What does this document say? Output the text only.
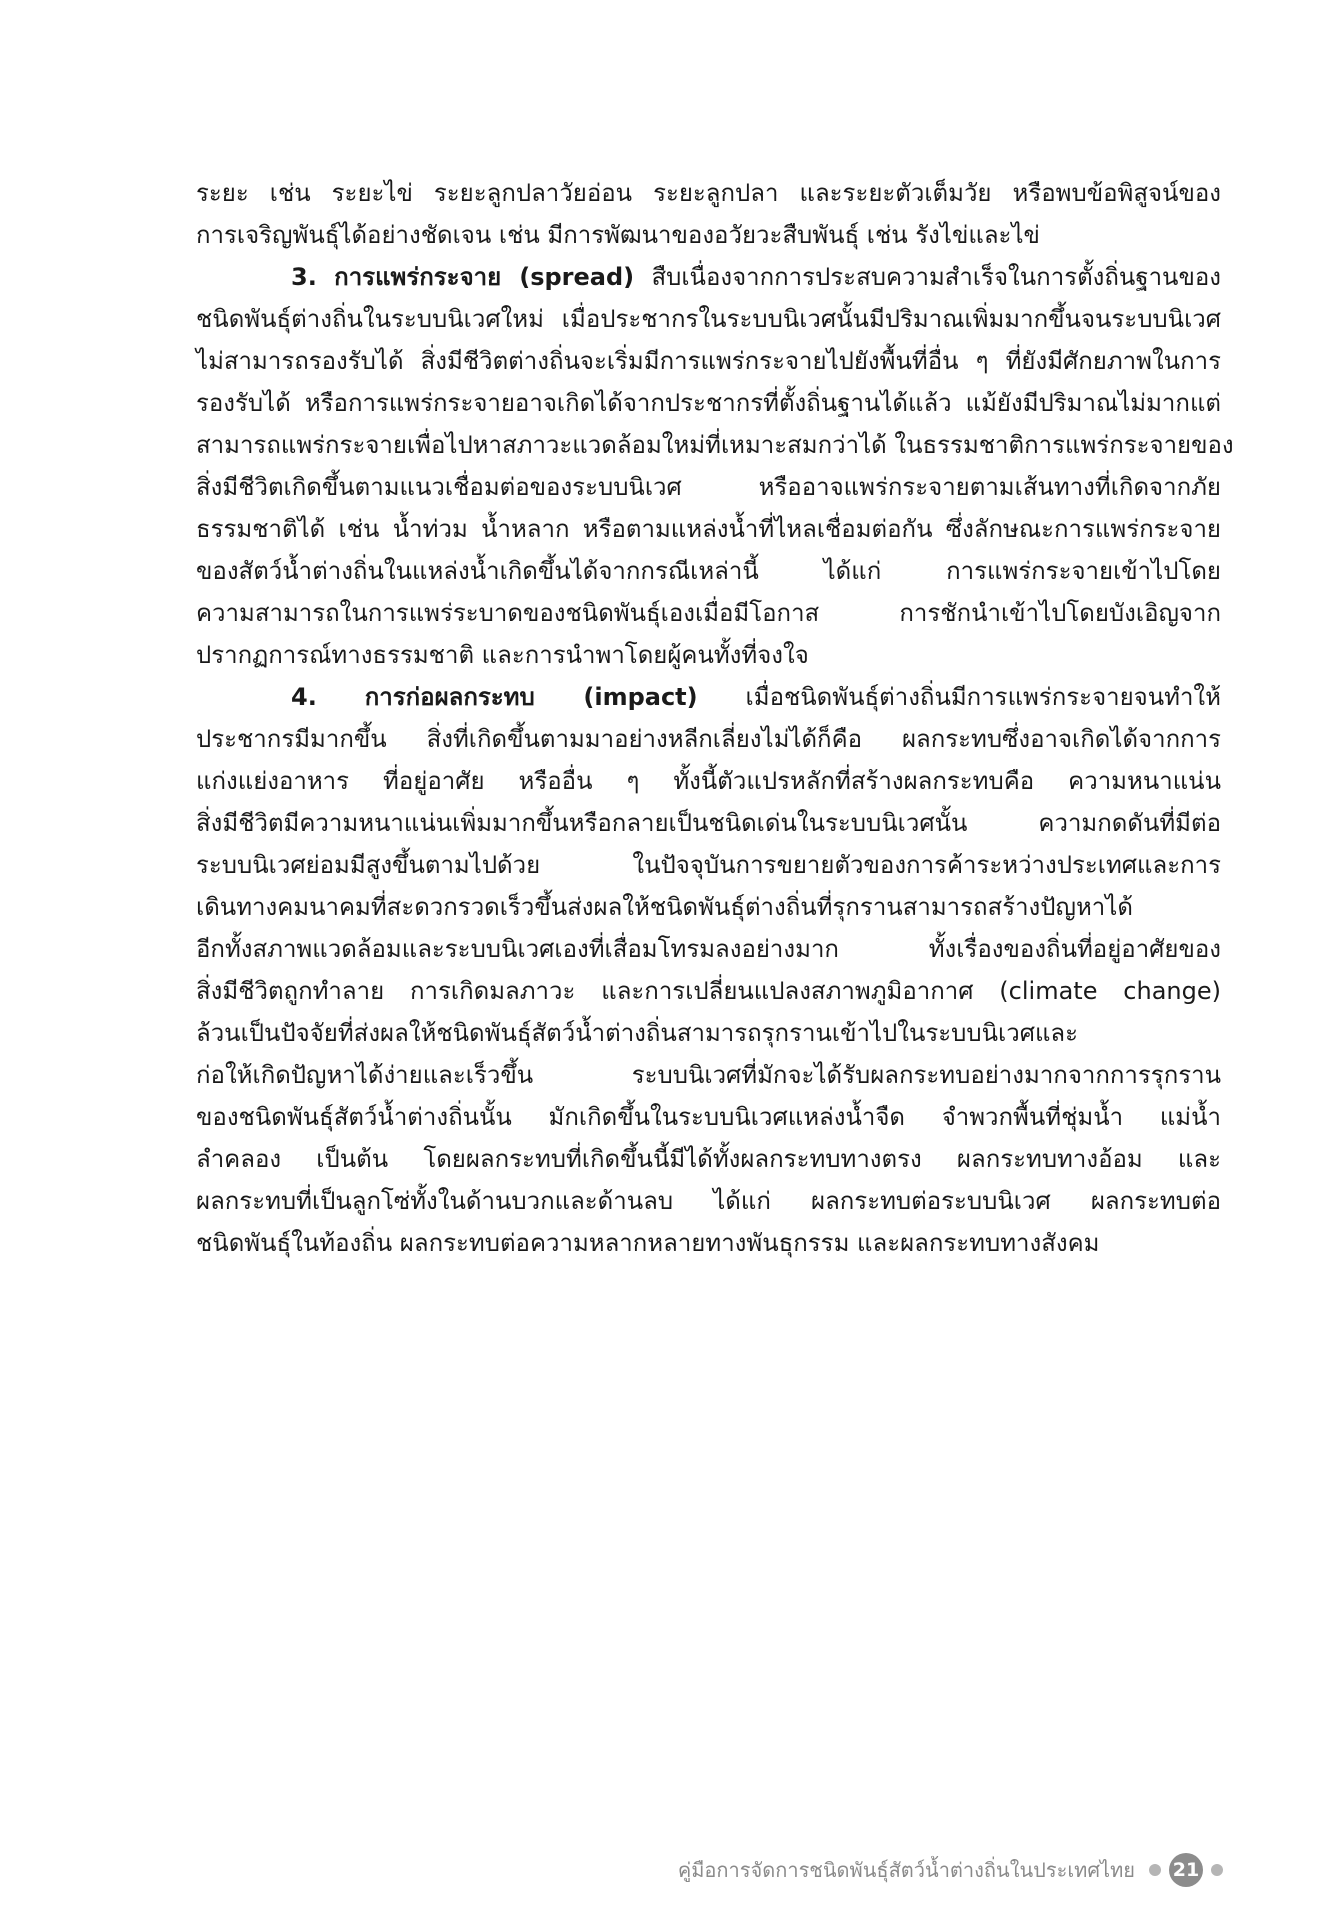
ระยะ เช่น ระยะไข่ ระยะลูกปลาวัยอ่อน ระยะลูกปลา และระยะตัวเต็มวัย หรือพบข้อพิสูจน์ของ
การเจริญพันธุ์ได้อย่างชัดเจน เช่น มีการพัฒนาของอวัยวะสืบพันธุ์ เช่น รังไข่และไข่
3. การแพร่กระจาย (spread) สืบเนื่องจากการประสบความสำเร็จในการตั้งถิ่นฐานของ
ชนิดพันธุ์ต่างถิ่นในระบบนิเวศใหม่ เมื่อประชากรในระบบนิเวศนั้นมีปริมาณเพิ่มมากขึ้นจนระบบนิเวศ
ไม่สามารถรองรับได้ สิ่งมีชีวิตต่างถิ่นจะเริ่มมีการแพร่กระจายไปยังพื้นที่อื่น ๆ ที่ยังมีศักยภาพในการ
รองรับได้ หรือการแพร่กระจายอาจเกิดได้จากประชากรที่ตั้งถิ่นฐานได้แล้ว แม้ยังมีปริมาณไม่มากแต่
สามารถแพร่กระจายเพื่อไปหาสภาวะแวดล้อมใหม่ที่เหมาะสมกว่าได้ ในธรรมชาติการแพร่กระจายของ
สิ่งมีชีวิตเกิดขึ้นตามแนวเชื่อมต่อของระบบนิเวศ หรืออาจแพร่กระจายตามเส้นทางที่เกิดจากภัย
ธรรมชาติได้ เช่น น้ำท่วม น้ำหลาก หรือตามแหล่งน้ำที่ไหลเชื่อมต่อกัน ซึ่งลักษณะการแพร่กระจาย
ของสัตว์น้ำต่างถิ่นในแหล่งน้ำเกิดขึ้นได้จากกรณีเหล่านี้ ได้แก่ การแพร่กระจายเข้าไปโดย
ความสามารถในการแพร่ระบาดของชนิดพันธุ์เองเมื่อมีโอกาส การชักนำเข้าไปโดยบังเอิญจาก
ปรากฏการณ์ทางธรรมชาติ และการนำพาโดยผู้คนทั้งที่จงใจ
4. การก่อผลกระทบ (impact) เมื่อชนิดพันธุ์ต่างถิ่นมีการแพร่กระจายจนทำให้
ประชากรมีมากขึ้น สิ่งที่เกิดขึ้นตามมาอย่างหลีกเลี่ยงไม่ได้ก็คือ ผลกระทบซึ่งอาจเกิดได้จากการ
แก่งแย่งอาหาร ที่อยู่อาศัย หรืออื่น ๆ ทั้งนี้ตัวแปรหลักที่สร้างผลกระทบคือ ความหนาแน่น
สิ่งมีชีวิตมีความหนาแน่นเพิ่มมากขึ้นหรือกลายเป็นชนิดเด่นในระบบนิเวศนั้น ความกดดันที่มีต่อ
ระบบนิเวศย่อมมีสูงขึ้นตามไปด้วย ในปัจจุบันการขยายตัวของการค้าระหว่างประเทศและการ
เดินทางคมนาคมที่สะดวกรวดเร็วขึ้นส่งผลให้ชนิดพันธุ์ต่างถิ่นที่รุกรานสามารถสร้างปัญหาได้
อีกทั้งสภาพแวดล้อมและระบบนิเวศเองที่เสื่อมโทรมลงอย่างมาก ทั้งเรื่องของถิ่นที่อยู่อาศัยของ
สิ่งมีชีวิตถูกทำลาย การเกิดมลภาวะ และการเปลี่ยนแปลงสภาพภูมิอากาศ (climate change)
ล้วนเป็นปัจจัยที่ส่งผลให้ชนิดพันธุ์สัตว์น้ำต่างถิ่นสามารถรุกรานเข้าไปในระบบนิเวศและ
ก่อให้เกิดปัญหาได้ง่ายและเร็วขึ้น ระบบนิเวศที่มักจะได้รับผลกระทบอย่างมากจากการรุกราน
ของชนิดพันธุ์สัตว์น้ำต่างถิ่นนั้น มักเกิดขึ้นในระบบนิเวศแหล่งน้ำจืด จำพวกพื้นที่ชุ่มน้ำ แม่น้ำ
ลำคลอง เป็นต้น โดยผลกระทบที่เกิดขึ้นนี้มีได้ทั้งผลกระทบทางตรง ผลกระทบทางอ้อม และ
ผลกระทบที่เป็นลูกโซ่ทั้งในด้านบวกและด้านลบ ได้แก่ ผลกระทบต่อระบบนิเวศ ผลกระทบต่อ
ชนิดพันธุ์ในท้องถิ่น ผลกระทบต่อความหลากหลายทางพันธุกรรม และผลกระทบทางสังคม
คู่มือการจัดการชนิดพันธุ์สัตว์น้ำต่างถิ่นในประเทศไทย 21
